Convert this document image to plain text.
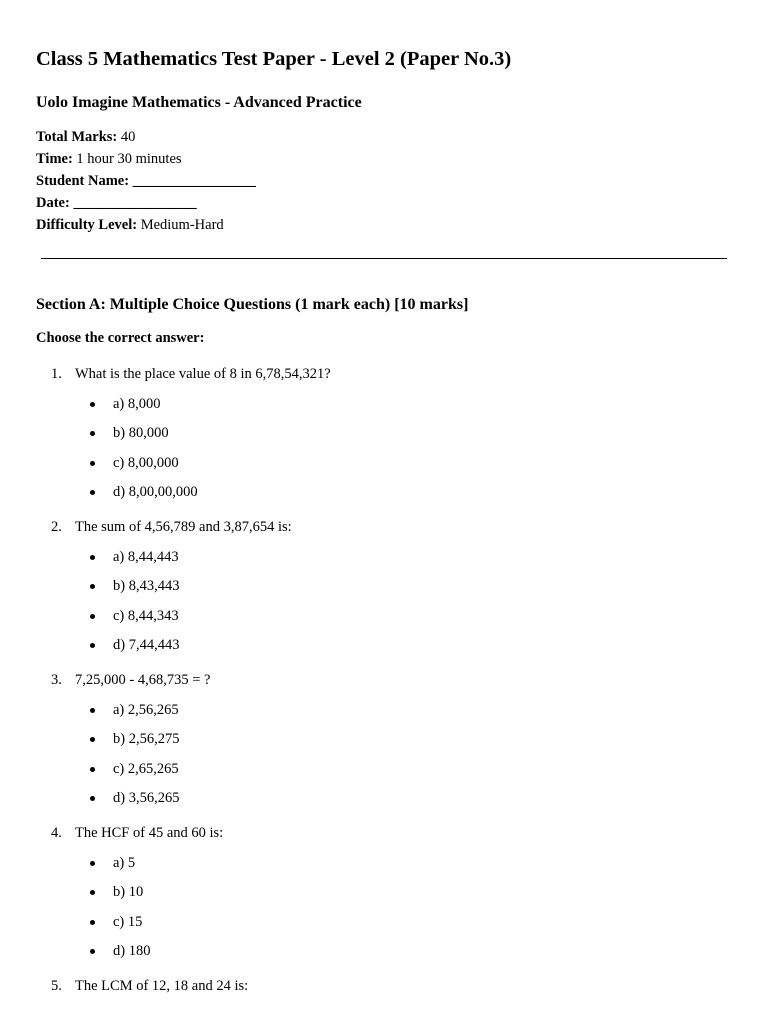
Class 5 Mathematics Test Paper - Level 2 (Paper No.3)
Uolo Imagine Mathematics - Advanced Practice
Total Marks: 40
Time: 1 hour 30 minutes
Student Name: _________________
Date: _________________
Difficulty Level: Medium-Hard
Section A: Multiple Choice Questions (1 mark each) [10 marks]
Choose the correct answer:
1. What is the place value of 8 in 6,78,54,321?
a) 8,000
b) 80,000
c) 8,00,000
d) 8,00,00,000
2. The sum of 4,56,789 and 3,87,654 is:
a) 8,44,443
b) 8,43,443
c) 8,44,343
d) 7,44,443
3. 7,25,000 - 4,68,735 = ?
a) 2,56,265
b) 2,56,275
c) 2,65,265
d) 3,56,265
4. The HCF of 45 and 60 is:
a) 5
b) 10
c) 15
d) 180
5. The LCM of 12, 18 and 24 is:
